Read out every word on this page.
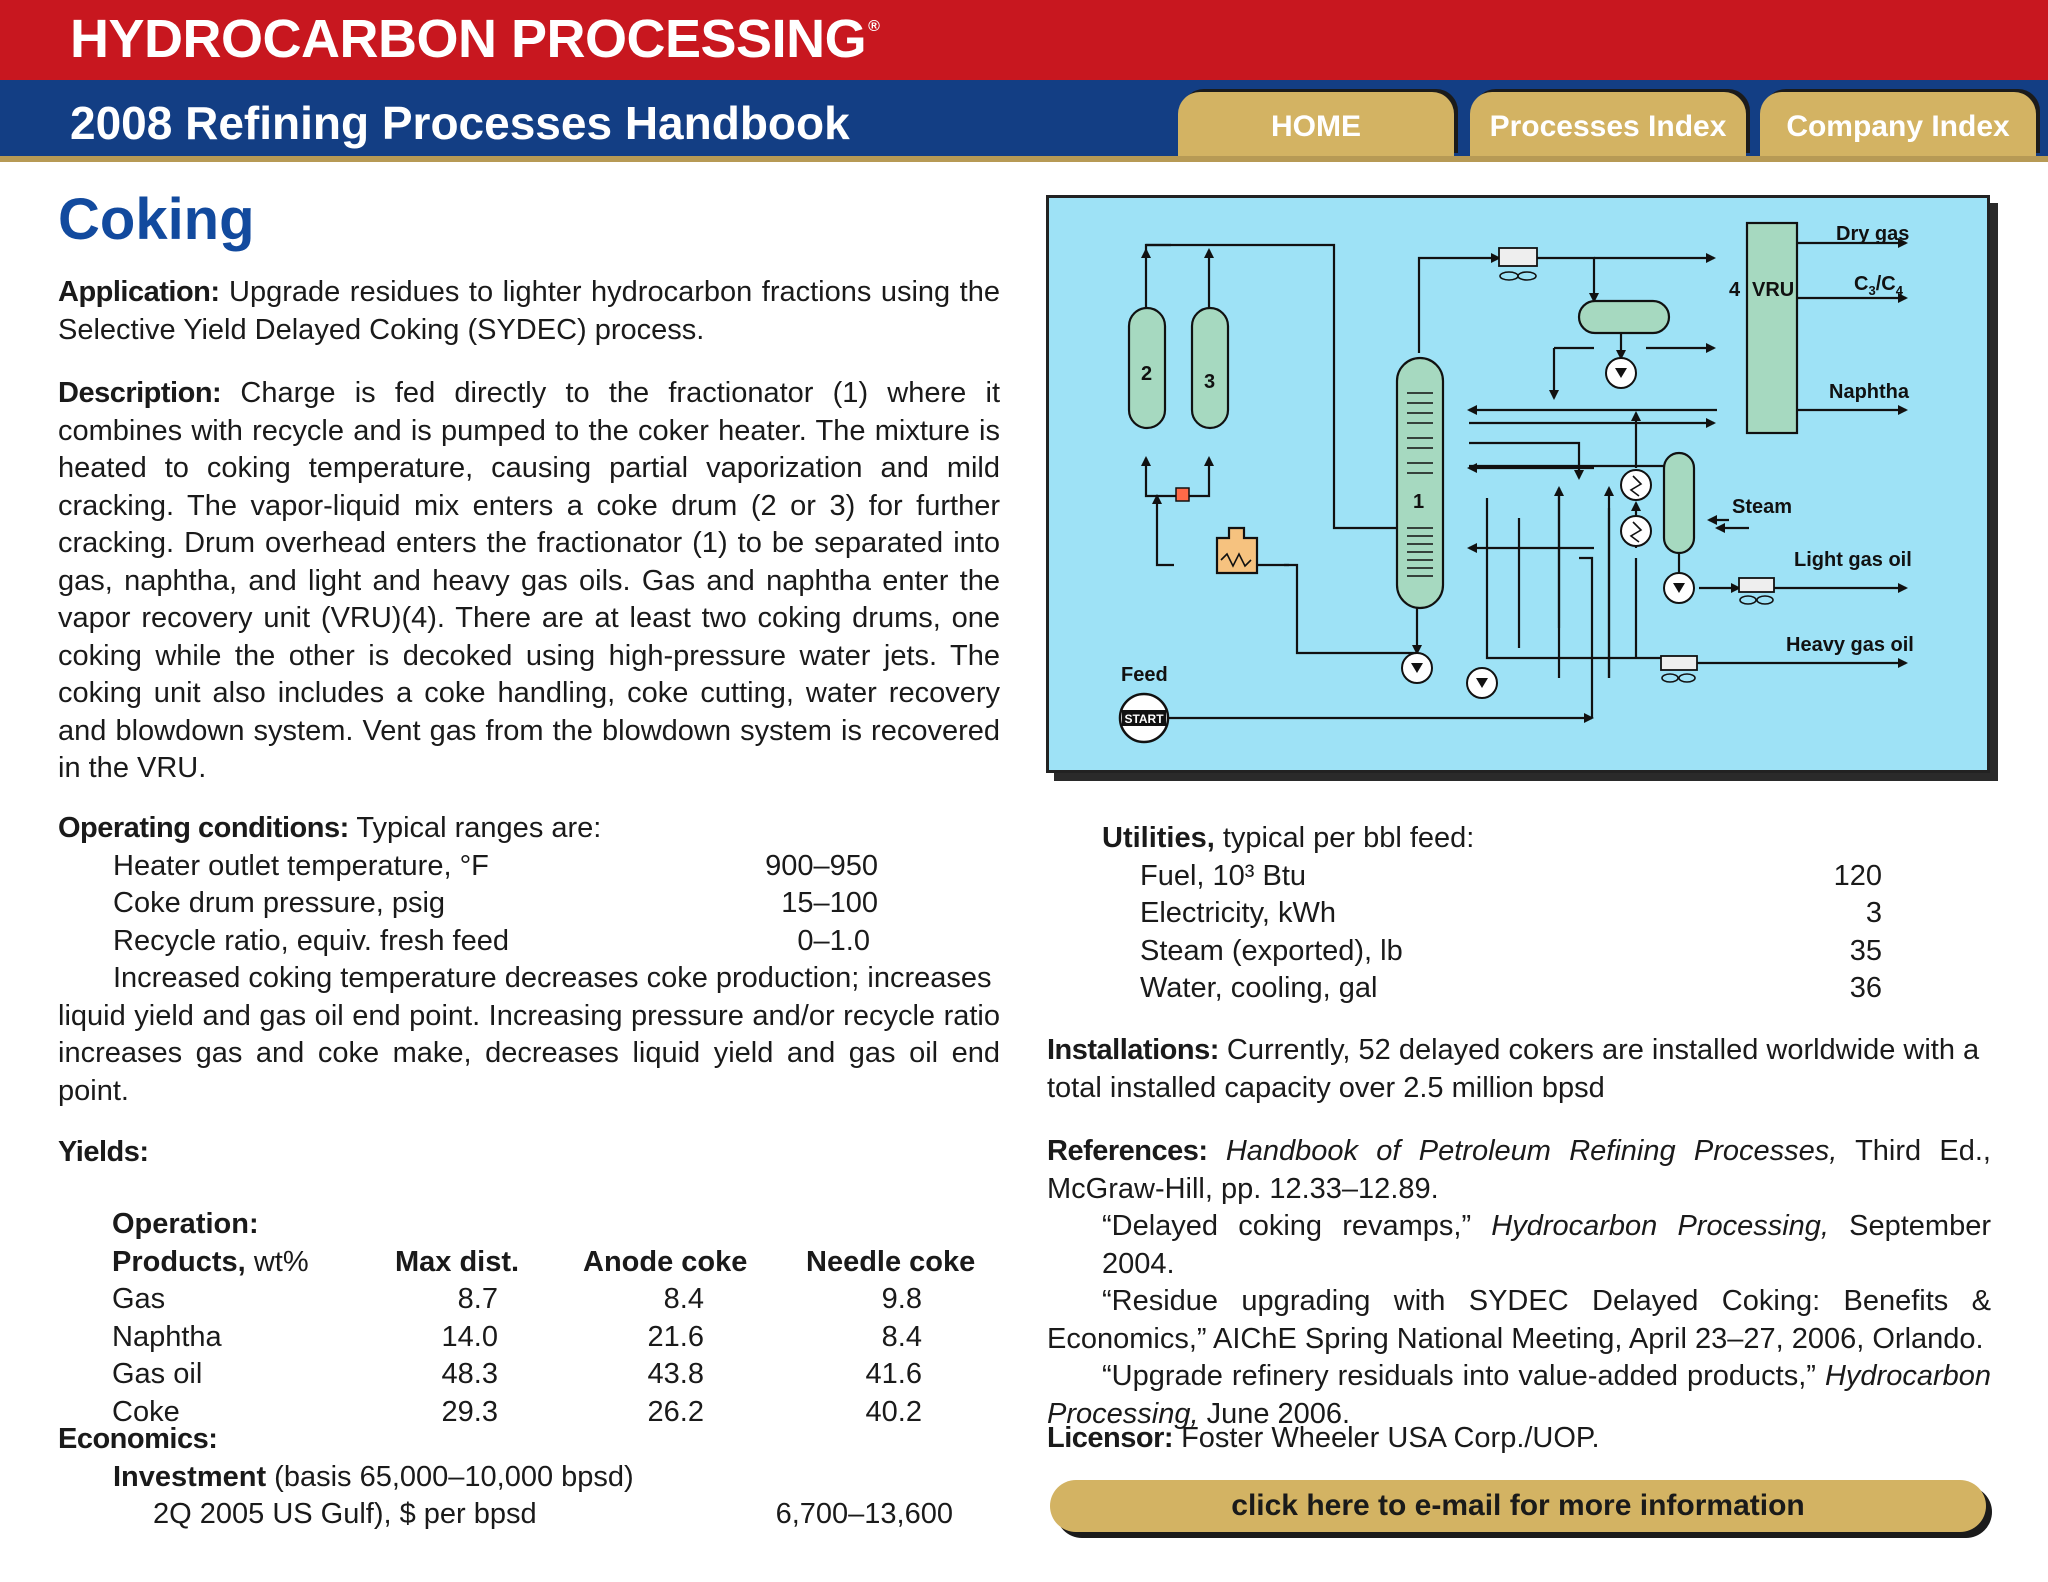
HYDROCARBON PROCESSING ®
2008 Refining Processes Handbook	HOME	Processes Index	Company Index
Coking
Application: Upgrade residues to lighter hydrocarbon fractions using the Selective Yield Delayed Coking (SYDEC) process.
Description: Charge is fed directly to the fractionator (1) where it combines with recycle and is pumped to the coker heater. The mixture is heated to coking temperature, causing partial vaporization and mild cracking. The vapor-liquid mix enters a coke drum (2 or 3) for further cracking. Drum overhead enters the fractionator (1) to be separated into gas, naphtha, and light and heavy gas oils. Gas and naphtha enter the vapor recovery unit (VRU)(4). There are at least two coking drums, one coking while the other is decoked using high-pressure water jets. The coking unit also includes a coke handling, coke cutting, water recovery and blowdown system. Vent gas from the blowdown system is recovered in the VRU.
Operating conditions: Typical ranges are:
Heater outlet temperature, °F	900–950
Coke drum pressure, psig	15–100
Recycle ratio, equiv. fresh feed	0–1.0
Increased coking temperature decreases coke production; increases
liquid yield and gas oil end point. Increasing pressure and/or recycle ratio increases gas and coke make, decreases liquid yield and gas oil end point.
Yields:
Operation:
Products, wt%	Max dist.	Anode coke	Needle coke
Gas	8.7	8.4	9.8
Naphtha	14.0	21.6	8.4
Gas oil	48.3	43.8	41.6
Coke	29.3	26.2	40.2
Economics:
Investment (basis 65,000–10,000 bpsd)
2Q 2005 US Gulf), $ per bpsd	6,700–13,600
2	3
1
VRU
4
Dry gas
$C_3/C_4$
Naphtha
Steam
Light gas oil
Heavy gas oil
Feed
START
Utilities, typical per bbl feed:
Fuel, 10³ Btu	120
Electricity, kWh	3
Steam (exported), lb	35
Water, cooling, gal	36
Installations: Currently, 52 delayed cokers are installed worldwide with a total installed capacity over 2.5 million bpsd
References: Handbook of Petroleum Refining Processes, Third Ed., McGraw-Hill, pp. 12.33–12.89.
“Delayed coking revamps,” Hydrocarbon Processing, September 2004.
“Residue upgrading with SYDEC Delayed Coking: Benefits & Economics,” AIChE Spring National Meeting, April 23–27, 2006, Orlando.
“Upgrade refinery residuals into value-added products,” Hydrocarbon Processing, June 2006.
Licensor: Foster Wheeler USA Corp./UOP.
click here to e-mail for more information
